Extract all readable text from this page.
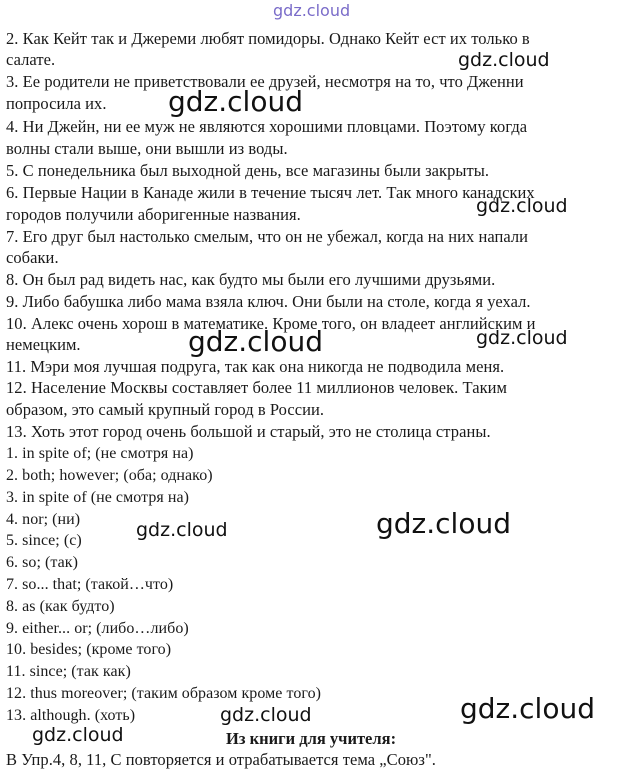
2. Как Кейт так и Джереми любят помидоры. Однако Кейт ест их только в
салате.
3. Ее родители не приветствовали ее друзей, несмотря на то, что Дженни
попросила их.
4. Ни Джейн, ни ее муж не являются хорошими пловцами. Поэтому когда
волны стали выше, они вышли из воды.
5. С понедельника был выходной день, все магазины были закрыты.
6. Первые Нации в Канаде жили в течение тысяч лет. Так много канадских
городов получили аборигенные названия.
7. Его друг был настолько смелым, что он не убежал, когда на них напали
собаки.
8. Он был рад видеть нас, как будто мы были его лучшими друзьями.
9. Либо бабушка либо мама взяла ключ. Они были на столе, когда я уехал.
10. Алекс очень хорош в математике. Кроме того, он владеет английским и
немецким.
11. Мэри моя лучшая подруга, так как она никогда не подводила меня.
12. Население Москвы составляет более 11 миллионов человек. Таким
образом, это самый крупный город в России.
13. Хоть этот город очень большой и старый, это не столица страны.
1. in spite of; (не смотря на)
2. both; however; (оба; однако)
3. in spite of (не смотря на)
4. nor; (ни)
5. since; (с)
6. so; (так)
7. so... that; (такой…что)
8. as (как будто)
9. either... or; (либо…либо)
10. besides; (кроме того)
11. since; (так как)
12. thus moreover; (таким образом кроме того)
13. although. (хоть)
Из книги для учителя:
В Упр.4, 8, 11, С повторяется и отрабатывается тема „Союз".
gdz.cloud
gdz.cloud
gdz.cloud
gdz.cloud
gdz.cloud	gdz.cloud
gdz.cloud	gdz.cloud
gdz.cloud
gdz.cloud
gdz.cloud
